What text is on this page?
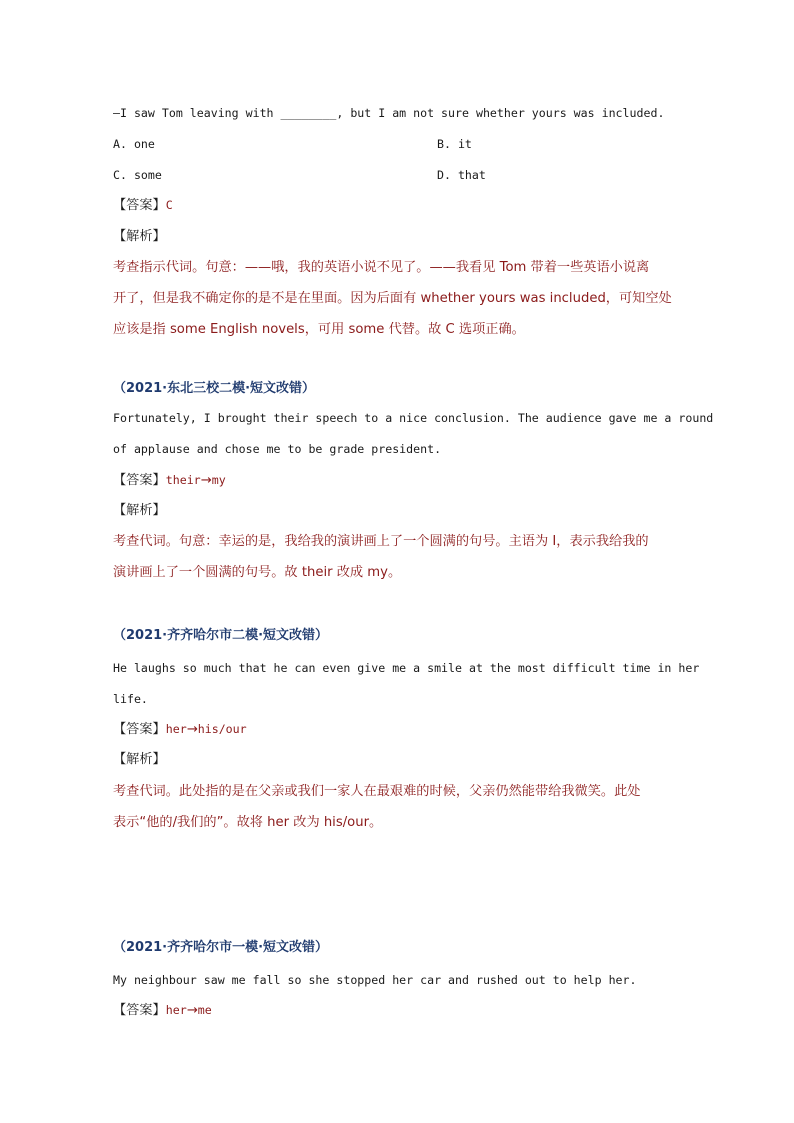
—I saw Tom leaving with ________, but I am not sure whether yours was included.
A. one	B. it
C. some	D. that
【答案】C
【解析】
考查指示代词。句意：——哦，我的英语小说不见了。——我看见 Tom 带着一些英语小说离
开了，但是我不确定你的是不是在里面。因为后面有 whether yours was included，可知空处
应该是指 some English novels，可用 some 代替。故 C 选项正确。
（2021·东北三校二模·短文改错）
Fortunately, I brought their speech to a nice conclusion. The audience gave me a round
of applause and chose me to be grade president.
【答案】their→my
【解析】
考查代词。句意：幸运的是，我给我的演讲画上了一个圆满的句号。主语为 I，表示我给我的
演讲画上了一个圆满的句号。故 their 改成 my。
（2021·齐齐哈尔市二模·短文改错）
He laughs so much that he can even give me a smile at the most difficult time in her
life.
【答案】her→his/our
【解析】
考查代词。此处指的是在父亲或我们一家人在最艰难的时候，父亲仍然能带给我微笑。此处
表示“他的/我们的”。故将 her 改为 his/our。
（2021·齐齐哈尔市一模·短文改错）
My neighbour saw me fall so she stopped her car and rushed out to help her.
【答案】her→me
